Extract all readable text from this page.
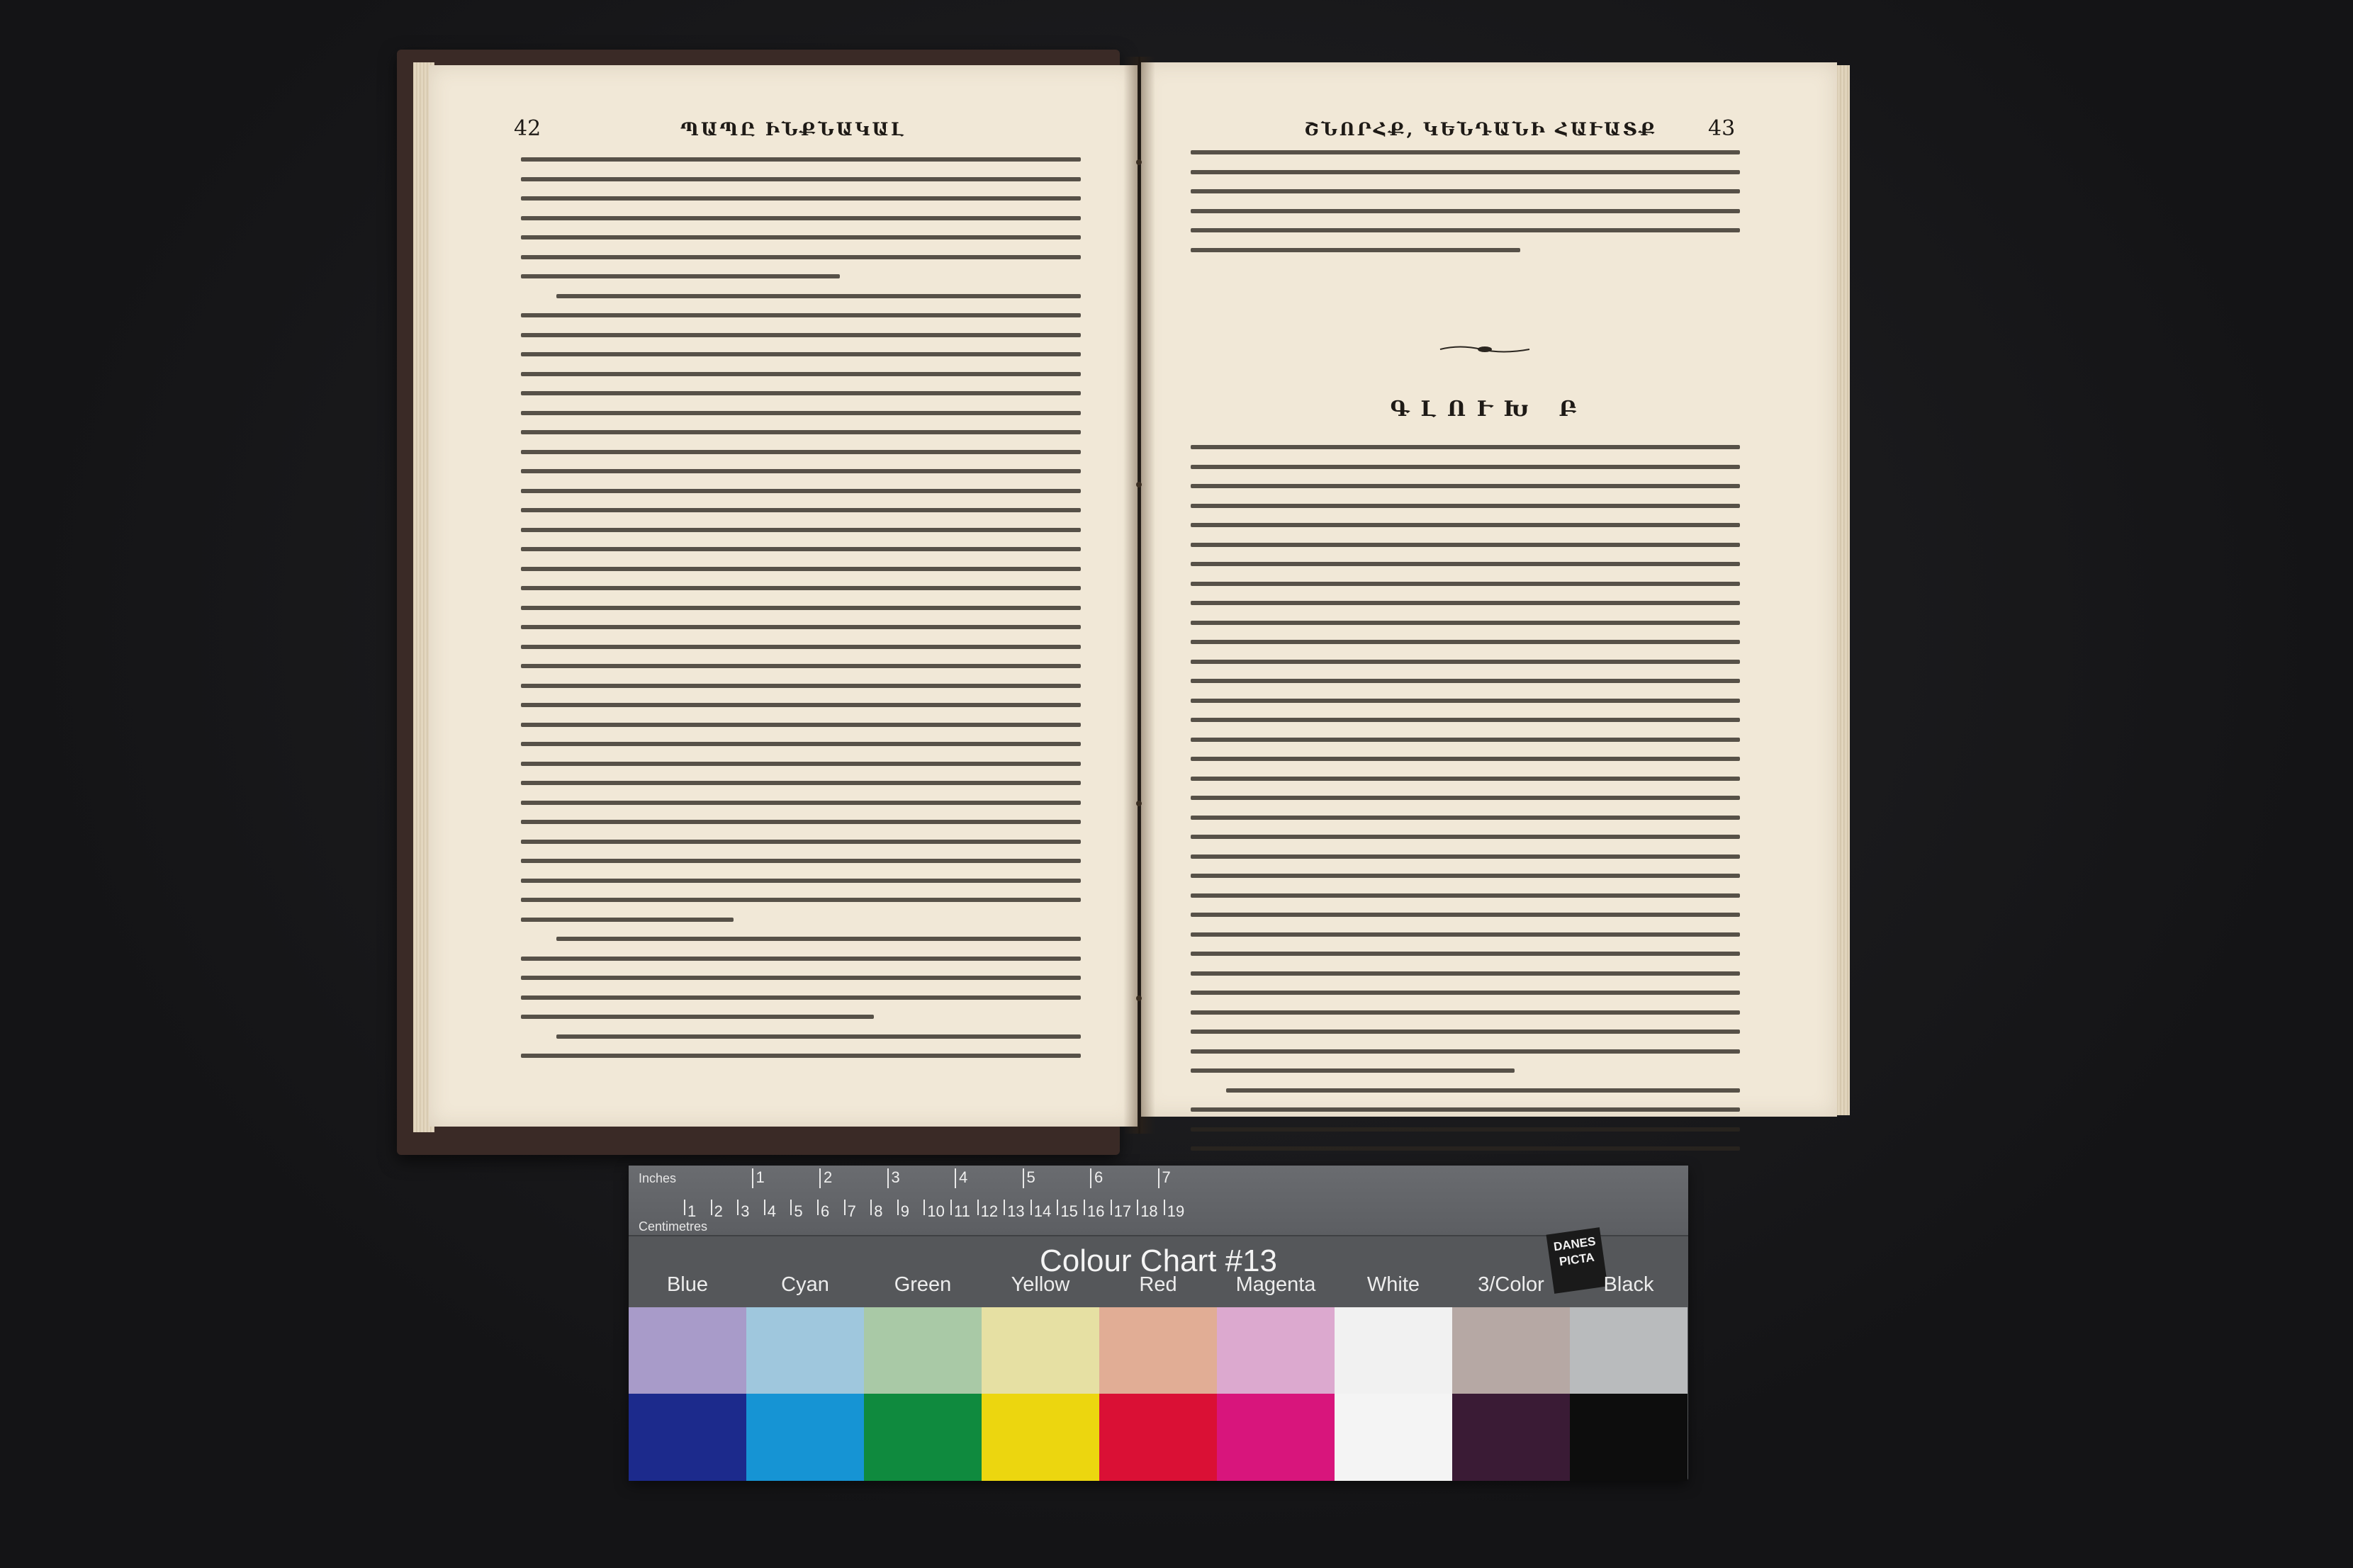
42	ՊԱՊԸ ԻՆՔՆԱԿԱԼ	ՇՆՈՐՀՔ, ԿԵՆԴԱՆԻ ՀԱՒԱՏՔ 43
ԳԼՈՒԽ Բ
Inches
Centimetres
1 2 3 4 5 6 7 8 9 10 11 12 13 14 15 16 17 18 19
1	2	3	4	5	6	7
Colour Chart #13	DANES
PICTA
Blue	Cyan	Green	Yellow	Red	Magenta	White	3/Color	Black
